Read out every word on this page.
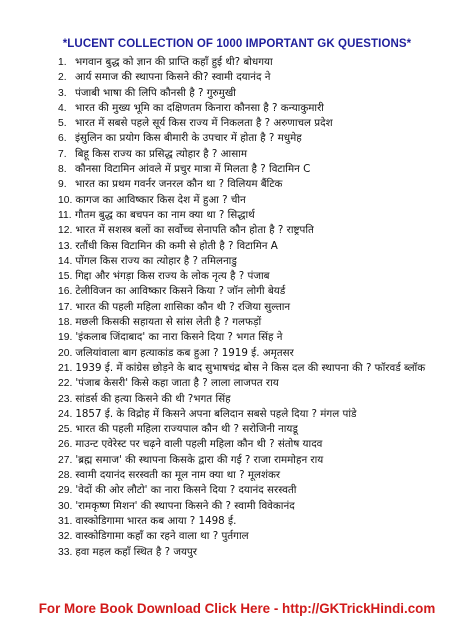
*LUCENT COLLECTION OF 1000 IMPORTANT GK QUESTIONS*
1. भगवान बुद्ध को ज्ञान की प्राप्ति कहाँ हुई थी? बोधगया
2. आर्य समाज की स्थापना किसने की? स्वामी दयानंद ने
3. पंजाबी भाषा की लिपि कौनसी है ? गुरुमुखी
4. भारत की मुख्य भूमि का दक्षिणतम किनारा कौनसा है ? कन्याकुमारी
5. भारत में सबसे पहले सूर्य किस राज्य में निकलता है ? अरुणाचल प्रदेश
6. इंसुलिन का प्रयोग किस बीमारी के उपचार में होता है ? मधुमेह
7. बिहू किस राज्य का प्रसिद्ध त्योहार है ? आसाम
8. कौनसा विटामिन आंवले में प्रचुर मात्रा में मिलता है ? विटामिन C
9. भारत का प्रथम गवर्नर जनरल कौन था ? विलियम बैंटिक
10. कागज का आविष्कार किस देश में हुआ ? चीन
11. गौतम बुद्ध का बचपन का नाम क्या था ? सिद्धार्थ
12. भारत में सशस्त्र बलों का सर्वोच्च सेनापति कौन होता है ? राष्ट्रपति
13. रतौंधी किस विटामिन की कमी से होती है ? विटामिन A
14. पोंगल किस राज्य का त्योहार है ? तमिलनाडु
15. गिद्दा और भंगड़ा किस राज्य के लोक नृत्य है ? पंजाब
16. टेलीविजन का आविष्कार किसने किया ? जॉन लोगी बेयर्ड
17. भारत की पहली महिला शासिका कौन थी ? रजिया सुल्तान
18. मछली किसकी सहायता से सांस लेती है ? गलफड़ों
19. 'इंकलाब जिंदाबाद' का नारा किसने दिया ? भगत सिंह ने
20. जलियांवाला बाग हत्याकांड कब हुआ ? 1919 ई. अमृतसर
21. 1939 ई. में कांग्रेस छोड़ने के बाद सुभाषचंद्र बोस ने किस दल की स्थापना की ? फॉरवर्ड ब्लॉक
22. 'पंजाब केसरी' किसे कहा जाता है ? लाला लाजपत राय
23. सांडर्स की हत्या किसने की थी ?भगत सिंह
24. 1857 ई. के विद्रोह में किसने अपना बलिदान सबसे पहले दिया ? मंगल पांडे
25. भारत की पहली महिला राज्यपाल कौन थी ? सरोजिनी नायडू
26. माउन्ट एवेरेस्ट पर चढ़ने वाली पहली महिला कौन थी ? संतोष यादव
27. 'ब्रह्म समाज' की स्थापना किसके द्वारा की गई ? राजा राममोहन राय
28. स्वामी दयानंद सरस्वती का मूल नाम क्या था ? मूलशंकर
29. 'वेदों की ओर लौटो' का नारा किसने दिया ? दयानंद सरस्वती
30. 'रामकृष्ण मिशन' की स्थापना किसने की ? स्वामी विवेकानंद
31. वास्कोडिगामा भारत कब आया ? 1498 ई.
32. वास्कोडिगामा कहाँ का रहने वाला था ? पुर्तगाल
33. हवा महल कहाँ स्थित है ? जयपुर
For More Book Download Click Here - http://GKTrickHindi.com
